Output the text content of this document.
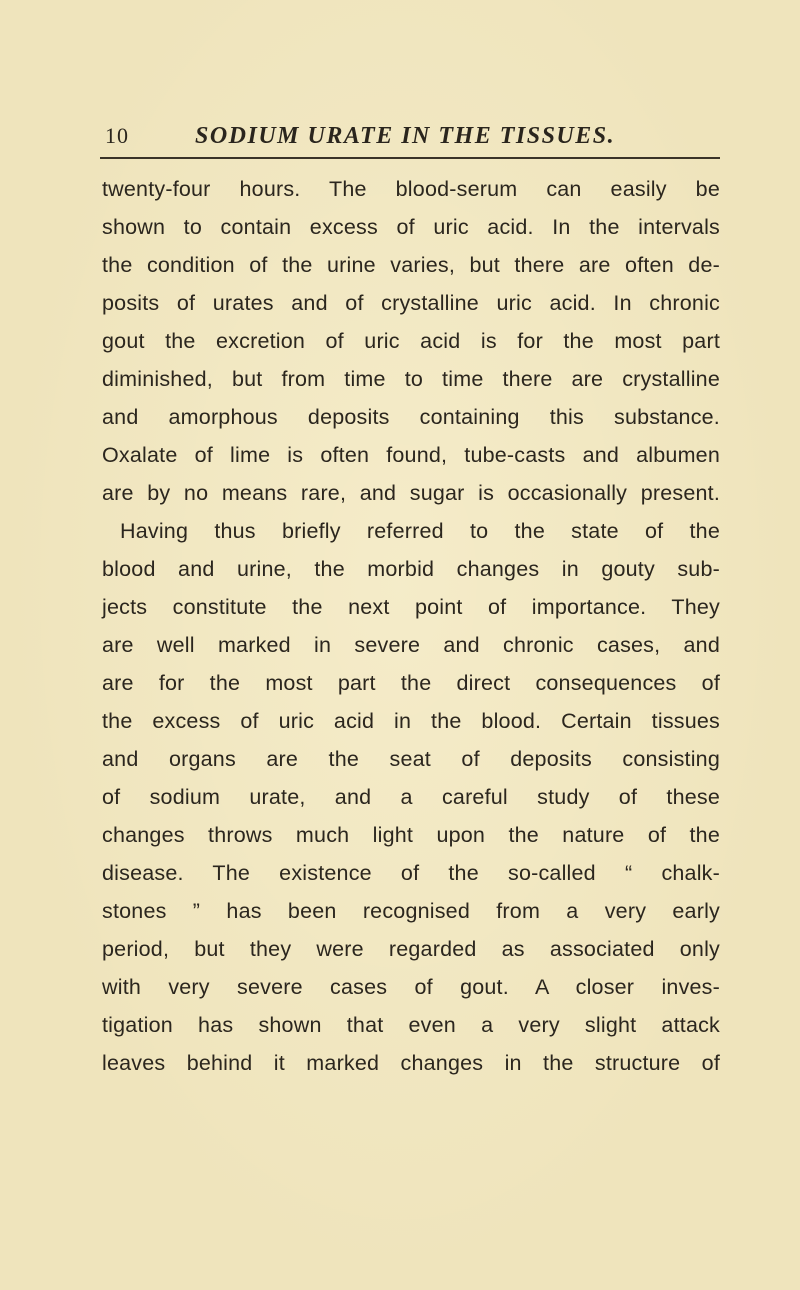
10	SODIUM URATE IN THE TISSUES.
twenty-four hours. The blood-serum can easily be
shown to contain excess of uric acid. In the intervals
the condition of the urine varies, but there are often de-
posits of urates and of crystalline uric acid. In chronic
gout the excretion of uric acid is for the most part
diminished, but from time to time there are crystalline
and amorphous deposits containing this substance.
Oxalate of lime is often found, tube-casts and albumen
are by no means rare, and sugar is occasionally present.
Having thus briefly referred to the state of the
blood and urine, the morbid changes in gouty sub-
jects constitute the next point of importance. They
are well marked in severe and chronic cases, and
are for the most part the direct consequences of
the excess of uric acid in the blood. Certain tissues
and organs are the seat of deposits consisting
of sodium urate, and a careful study of these
changes throws much light upon the nature of the
disease. The existence of the so-called “ chalk-
stones ” has been recognised from a very early
period, but they were regarded as associated only
with very severe cases of gout. A closer inves-
tigation has shown that even a very slight attack
leaves behind it marked changes in the structure of
